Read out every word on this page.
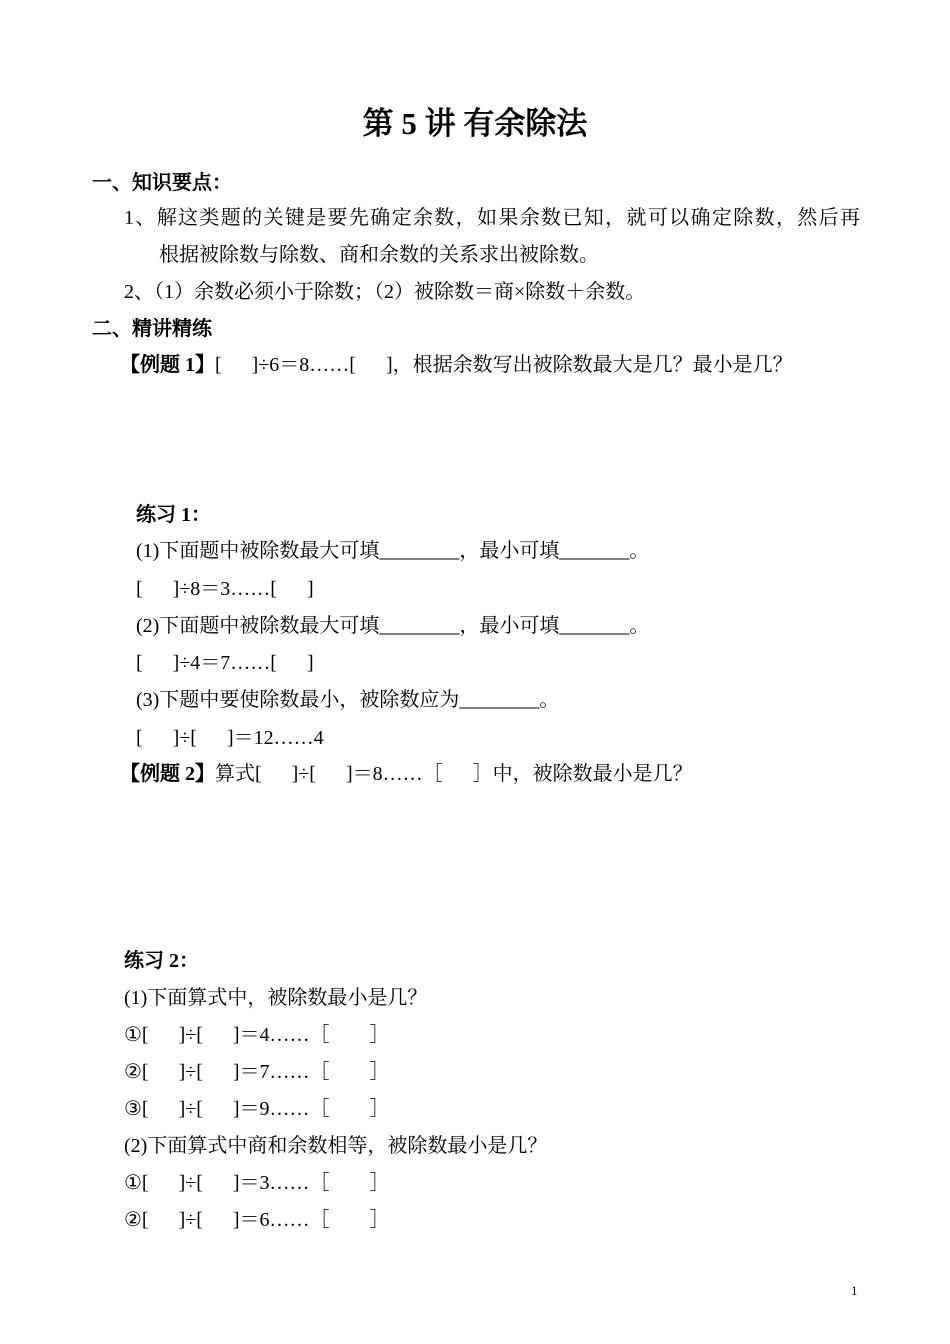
第 5 讲 有余除法
一、知识要点：
1、解这类题的关键是要先确定余数，如果余数已知，就可以确定除数，然后再
根据被除数与除数、商和余数的关系求出被除数。
2、（1）余数必须小于除数；（2）被除数＝商×除数＋余数。
二、精讲精练
【例题 1】[      ]÷6＝8……[      ]，根据余数写出被除数最大是几？最小是几？
练习 1：
(1)下面题中被除数最大可填________，最小可填_______。
[      ]÷8＝3……[      ]
(2)下面题中被除数最大可填________，最小可填_______。
[      ]÷4＝7……[      ]
(3)下题中要使除数最小，被除数应为________。
[      ]÷[      ]＝12……4
【例题 2】算式[      ]÷[      ]＝8……［      ］中，被除数最小是几？
练习 2：
(1)下面算式中，被除数最小是几？
①[      ]÷[      ]＝4……［        ］
②[      ]÷[      ]＝7……［        ］
③[      ]÷[      ]＝9……［        ］
(2)下面算式中商和余数相等，被除数最小是几？
①[      ]÷[      ]＝3……［        ］
②[      ]÷[      ]＝6……［        ］
1
